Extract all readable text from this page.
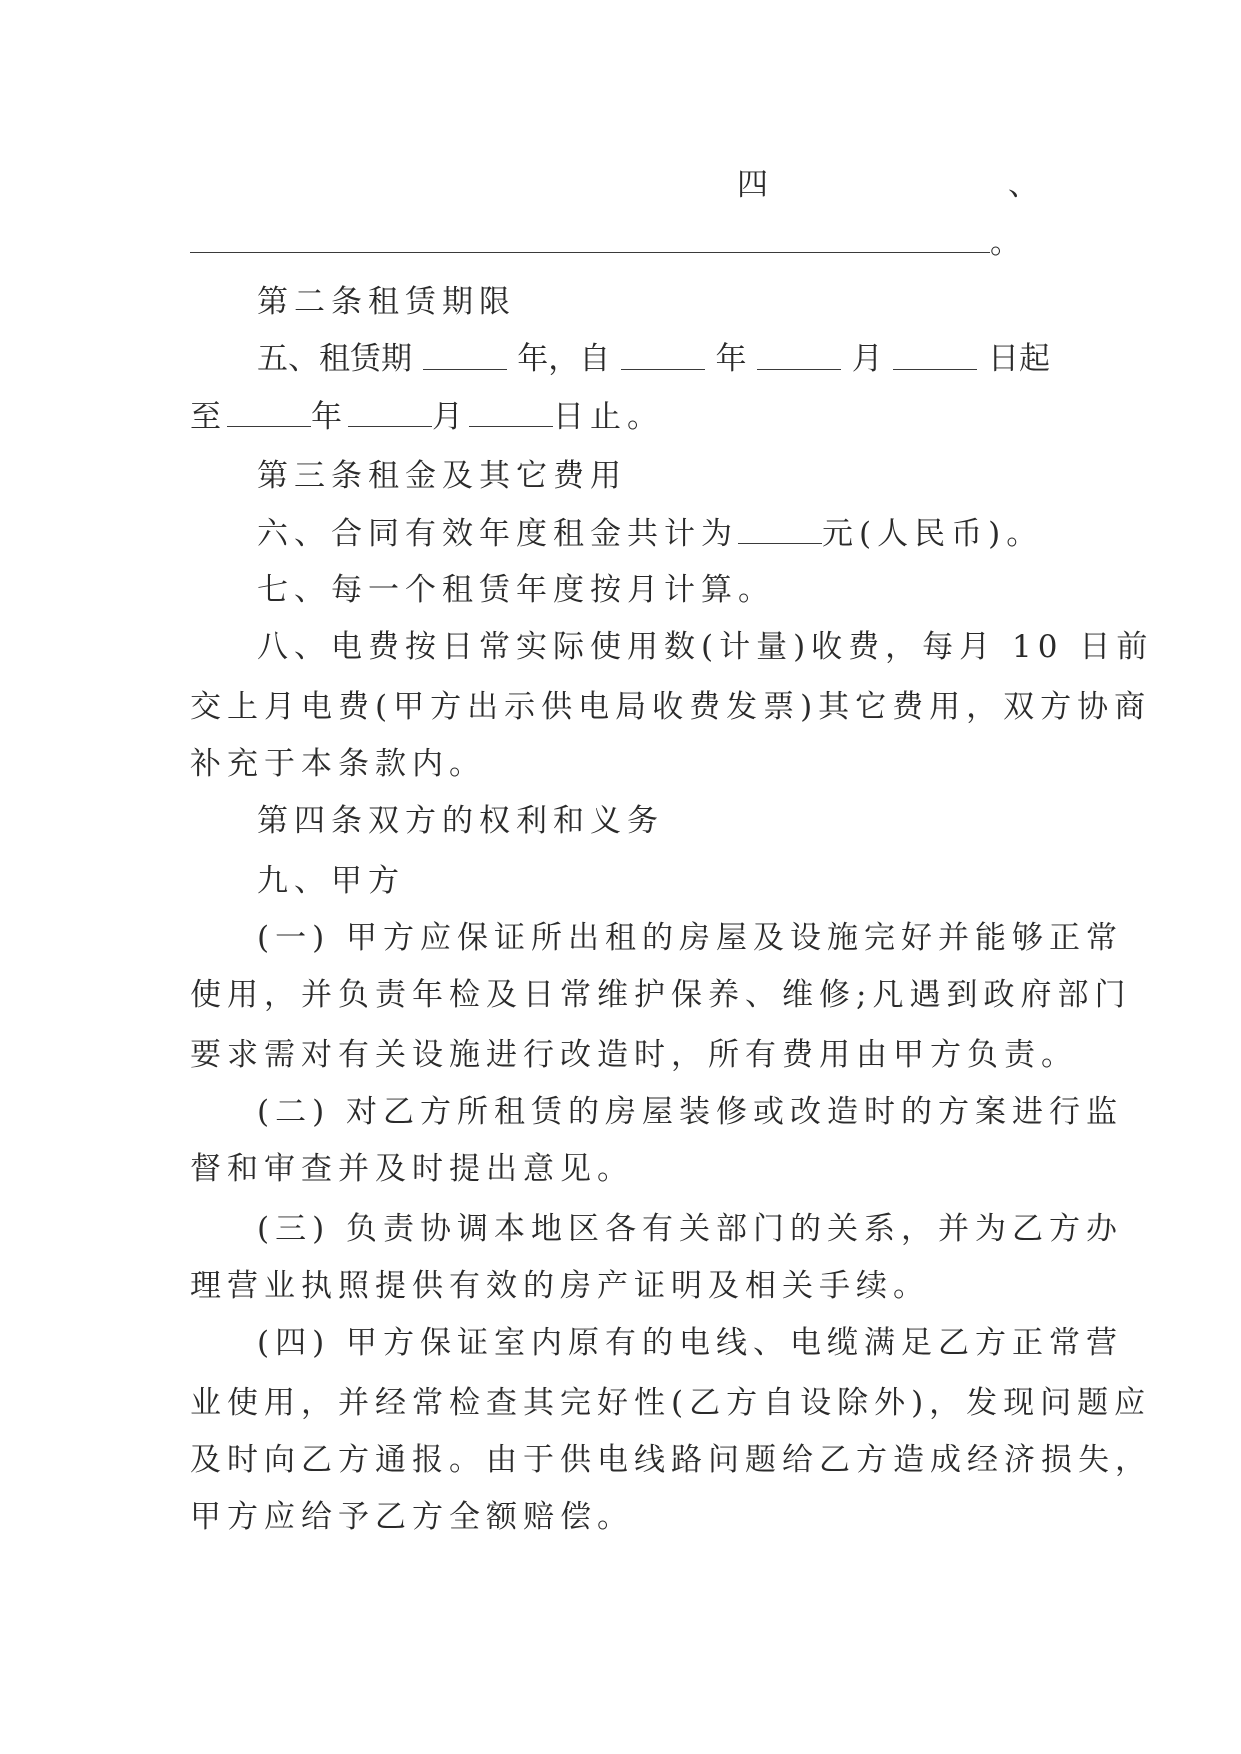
四	、
。
第二条租赁期限
五、租赁期	年，自	年	月	日起
至	年	月	日止。
第三条租金及其它费用
六、合同有效年度租金共计为	元(人民币)。
七、每一个租赁年度按月计算。
八、电费按日常实际使用数(计量)收费，每月 10 日前
交上月电费(甲方出示供电局收费发票)其它费用，双方协商
补充于本条款内。
第四条双方的权利和义务
九、甲方
(一) 甲方应保证所出租的房屋及设施完好并能够正常
使用，并负责年检及日常维护保养、维修;凡遇到政府部门
要求需对有关设施进行改造时，所有费用由甲方负责。
(二) 对乙方所租赁的房屋装修或改造时的方案进行监
督和审查并及时提出意见。
(三) 负责协调本地区各有关部门的关系，并为乙方办
理营业执照提供有效的房产证明及相关手续。
(四) 甲方保证室内原有的电线、电缆满足乙方正常营
业使用，并经常检查其完好性(乙方自设除外)，发现问题应
及时向乙方通报。由于供电线路问题给乙方造成经济损失，
甲方应给予乙方全额赔偿。
